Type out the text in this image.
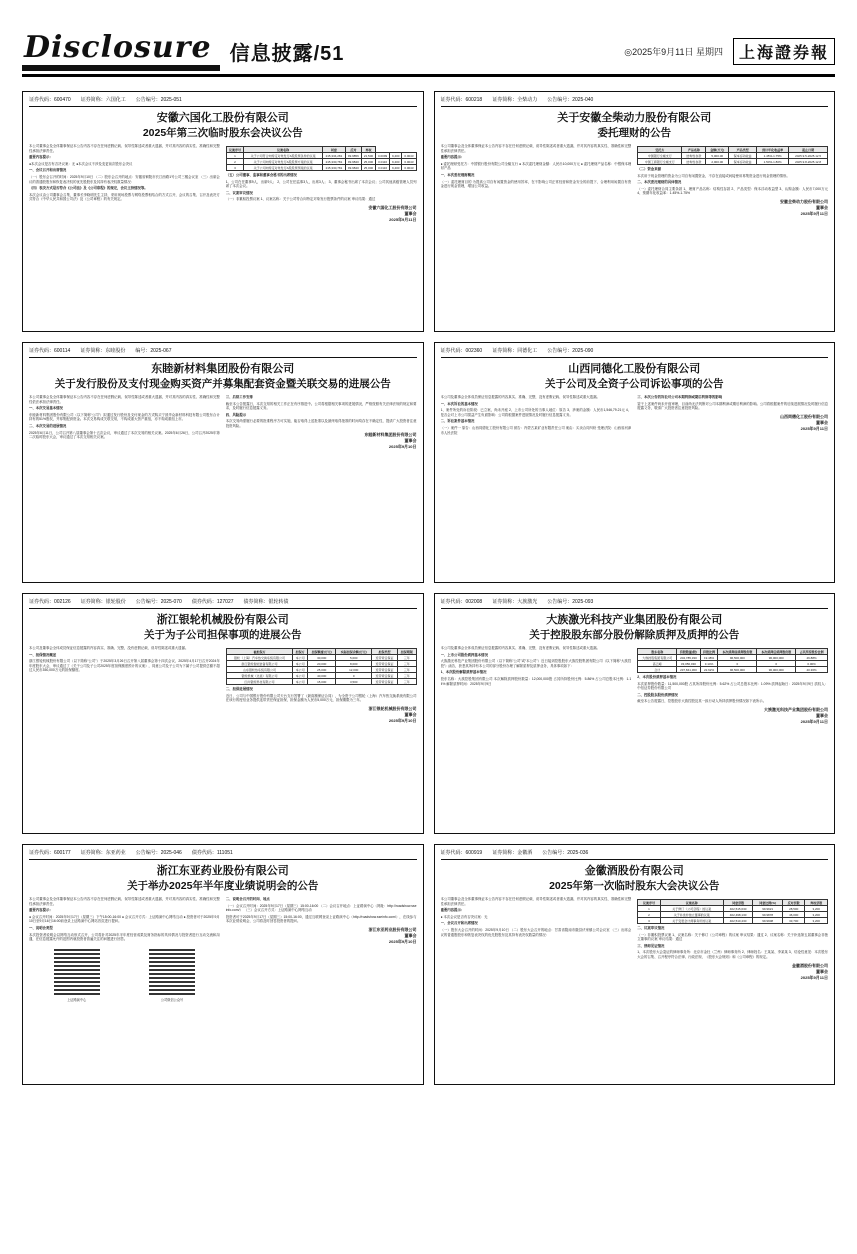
Disclosure 信息披露/51	◎2025年9月11日 星期四	上海證券報
证券代码：600470 证券简称：六国化工 公告编号：2025-051
安徽六国化工股份有限公司
2025年第三次临时股东会决议公告

本公司董事会及全体董事保证本公告内容不存在任何虚假记载、误导性陈述或者重大遗漏，并对其内容的真实性、准确性和完整性承担法律责任。

重要内容提示：

●本次会议是否有否决议案：无 ●本次会议不涉及变更前次股东会决议

一、会议召开和出席情况

（一）股东会召开的时间：2025年9月10日 （二）股东会召开的地点：安徽省铜陵市长江西路1号公司三楼会议室 （三）出席会议的普通股股东和恢复表决权的优先股股东及其持有表决权数量情况：

（四）表决方式是否符合《公司法》及《公司章程》的规定，会议主持情况等。

本次会议由公司董事会召集，董事长李晓明先生主持，采用现场投票与网络投票相结合的方式召开，会议的召集、召开及表决方式符合《中华人民共和国公司法》及《公司章程》的有关规定。

议案序号	议案名称	同意	反对	弃权			
1	关于公司符合向特定对象发行A股股票条件的议案	215,334,281	99.9856	21,500	0.0099	9,400	0.0043
2	关于公司向特定对象发行A股股票方案的议案	215,330,781	99.9840	25,000	0.0116	9,400	0.0043
3	关于公司向特定对象发行A股股票预案的议案	215,330,781	99.9840	25,000	0.0116	9,400	0.0043

（五）公司董事、监事和董事会秘书的出席情况

1、公司在任董事9人，出席9人； 2、公司在任监事3人，出席3人； 3、董事会秘书出席了本次会议；公司其他高级管理人员列席了本次会议。

二、议案审议情况

（一）非累积投票议案 1、议案名称：关于公司符合向特定对象发行股票条件的议案 审议结果：通过

安徽六国化工股份有限公司
董事会
2025年9月11日
证券代码：600218 证券简称：全柴动力 公告编号：2025-040
关于安徽全柴动力股份有限公司
委托理财的公告

本公司董事会及全体董事保证本公告内容不存在任何虚假记载、误导性陈述或者重大遗漏，并对其内容的真实性、准确性和完整性承担法律责任。

重要内容提示：

● 委托理财受托方：中国银行股份有限公司全椒支行 ● 本次委托理财金额：人民币10,000万元 ● 委托理财产品名称：中银保本理财产品

一、本次委托理财概况

（一）委托理财目的 为提高公司自有闲置资金的使用效率，在不影响公司正常经营和资金安全的前提下，合理利用闲置自有资金进行现金管理，增加公司收益。

受托方	产品名称	金额(万元)	产品类型	预计年化收益率	起止日期
中国银行全椒支行	结构性存款	5,000.00	保本浮动收益	1.45%-1.75%	2025.9.5-2025.12.5
中国工商银行全椒支行	结构性存款	2,000.00	保本浮动收益	1.50%-1.80%	2025.9.8-2025.12.8

（二）资金来源

本次用于现金管理的资金为公司自有闲置资金，不存在直接或间接使用募集资金进行现金管理的情形。

二、本次委托理财的具体情况

（一）委托理财合同主要条款 1、理财产品名称：结构性存款 2、产品类型：保本浮动收益型 3、认购金额：人民币7,000万元 4、预期年化收益率：1.45%-1.75%

安徽全柴动力股份有限公司
董事会
2025年9月11日
证券代码：600114 证券简称：东睦股份 编号：2025-067
东睦新材料集团股份有限公司
关于发行股份及支付现金购买资产并募集配套资金暨关联交易的进展公告

本公司董事会及全体董事保证本公告内容不存在任何虚假记载、误导性陈述或者重大遗漏，并对其内容的真实性、准确性和完整性依法承担法律责任。

一、本次交易基本情况

东睦新材料集团股份有限公司（以下简称“公司”）拟通过发行股份及支付现金的方式购买宁波华众新材料科技有限公司股东合计持有的51%股权，并募集配套资金。本次交易构成关联交易，不构成重大资产重组，亦不构成重组上市。

二、本次交易的进展情况

2025年6月11日，公司召开第八届董事会第十五次会议，审议通过了本次交易的相关议案。2025年6月26日，公司召开2025年第二次临时股东大会，审议通过了本次交易相关议案。

三、后续工作安排

截至本公告披露日，本次交易的相关工作正在有序推进中。公司将根据相关事项的进展情况，严格按照有关法律法规的规定和要求，及时履行信息披露义务。

四、风险提示

本次交易尚需履行必要的批准程序方可实施，能否取得上述批准以及最终取得批准的时间均存在不确定性，提请广大投资者注意投资风险。

东睦新材料集团股份有限公司
董事会
2025年9月10日
证券代码：002360 证券简称：同德化工 公告编号：2025-090
山西同德化工股份有限公司
关于公司及全资子公司诉讼事项的公告

本公司及董事会全体成员保证信息披露的内容真实、准确、完整，没有虚假记载、误导性陈述或重大遗漏。

一、本次诉讼的基本情况

1、案件所处的诉讼阶段：已立案，尚未开庭 2、上市公司所处的当事人地位：原告 3、涉案的金额：人民币1,546,79.21元 4、是否会对上市公司损益产生负面影响：公司将根据案件进展情况及时履行信息披露义务。

二、诉讼案件基本情况

（一）案件一 原告：山西同德化工股份有限公司 被告：内蒙古某矿业有限责任公司 案由：买卖合同纠纷 受理法院：山西省河津市人民法院

三、本次公告的诉讼对公司本期利润或期后利润等的影响

鉴于上述案件尚未开庭审理，目前尚无法判断对公司本期利润或期后利润的影响。公司将根据案件的后续进展情况及时履行信息披露义务，敬请广大投资者注意投资风险。

山西同德化工股份有限公司
董事会
2025年9月11日
证券代码：002126 证券简称：银轮股份 公告编号：2025-070 债券代码：127027 债券简称：银轮转债
浙江银轮机械股份有限公司
关于为子公司担保事项的进展公告

本公司及董事会全体成员保证信息披露的内容真实、准确、完整，没有虚假记载、误导性陈述或重大遗漏。

一、担保情况概述

浙江银轮机械股份有限公司（以下简称“公司”）于2025年3月26日召开第八届董事会第十四次会议、2025年4月17日召开2024年年度股东大会，审议通过了《关于公司及子公司2025年度担保额度预计的议案》，同意公司及子公司为下属子公司提供总额不超过人民币350,000万元的担保额度。

被担保方	担保方	担保额度(万元)	实际担保余额(万元)	担保类型	担保期限
银轮（上海）汽车热交换系统有限公司	本公司	30,000	5,000	连带责任保证	三年
浙江银轮智能装备有限公司	本公司	20,000	8,000	连带责任保证	三年
山东银轮热系统有限公司	本公司	25,000	12,000	连带责任保证	三年
银轮机械（北美）有限公司	本公司	40,000	0	连带责任保证	三年
四川银轮科技有限公司	本公司	15,000	3,500	连带责任保证	三年

二、担保进展情况

近日，公司与中国银行股份有限公司天台支行签署了《最高额保证合同》，为全资子公司银轮（上海）汽车热交换系统有限公司在该行的授信业务提供连带责任保证担保，担保金额为人民币5,000万元，担保期限为三年。

浙江银轮机械股份有限公司
董事会
2025年9月10日
证券代码：002008 证券简称：大族激光 公告编号：2025-093
大族激光科技产业集团股份有限公司
关于控股股东部分股份解除质押及质押的公告

本公司及董事会全体成员保证信息披露的内容真实、准确、完整，没有虚假记载、误导性陈述或重大遗漏。

一、上市公司股份质押基本情况

大族激光科技产业集团股份有限公司（以下简称“公司”或“本公司”）近日接到控股股东大族控股集团有限公司（以下简称“大族控股”）函告，获悉其所持有本公司的部分股份办理了解除质押及质押业务，具体事项如下：

1、本次股份解除质押基本情况

股东名称：大族控股集团有限公司 本次解除质押股份数量：12,000,000股 占其所持股份比例：5.86% 占公司总股本比例：1.14% 解除质押时间：2025年9月9日

股东名称	持股数量(股)	持股比例	本次质押前质押股份数	本次质押后质押股份数	占其所持股份比例
大族控股集团有限公司	204,785,330	19.48%	96,500,000	96,000,000	46.88%
高云峰	33,056,030	3.14%	0	0	0.00%
合计	237,841,360	22.62%	96,500,000	96,000,000	40.36%

2、本次股份质押基本情况

本次质押股份数量：11,500,000股 占其所持股份比例：5.62% 占公司总股本比例：1.09% 质押起始日：2025年9月9日 质权人：中信证券股份有限公司

二、控股股东股份质押情况

截至本公告披露日，控股股东大族控股及其一致行动人所持质押股份情况如下表所示。

大族激光科技产业集团股份有限公司
董事会
2025年9月11日
证券代码：600177 证券简称：东亚药业 公告编号：2025-046 债券代码：111051
浙江东亚药业股份有限公司
关于举办2025年半年度业绩说明会的公告

本公司董事会及全体董事保证本公告内容不存在任何虚假记载、误导性陈述或者重大遗漏，并对其内容的真实性、准确性和完整性承担法律责任。

重要内容提示：

● 会议召开时间：2025年9月17日（星期三）下午15:00-16:00 ● 会议召开方式：上证路演中心网络互动 ● 投资者可于2025年9月10日至9月16日16:00前登录上证路演中心网站首页进行提问。

一、说明会类型

本次投资者说明会以网络互动形式召开，公司将针对2025年半年度经营成果及财务指标的具体情况与投资者进行互动交流和沟通，在信息披露允许的范围内就投资者普遍关注的问题进行回答。

上证路演中心	公司微信公众号

二、说明会召开的时间、地点

（一）会议召开时间：2025年9月17日（星期三）15:00-16:00 （二）会议召开地点：上证路演中心（网址：http://roadshow.sseinfo.com/） （三）会议召开方式：上证路演中心网络互动

投资者可于2025年9月17日（星期三）15:00-16:00，通过互联网登录上证路演中心（http://roadshow.sseinfo.com/），在线参与本次业绩说明会，公司将及时回答投资者的提问。

浙江东亚药业股份有限公司
董事会
2025年9月10日
证券代码：600919 证券简称：金徽酒 公告编号：2025-036
金徽酒股份有限公司
2025年第一次临时股东大会决议公告

本公司董事会及全体董事保证本公告内容不存在任何虚假记载、误导性陈述或者重大遗漏，并对其内容的真实性、准确性和完整性承担法律责任。

重要内容提示：

● 本次会议是否有否决议案：无

一、会议召开和出席情况

（一）股东大会召开的时间：2025年9月10日 （二）股东大会召开的地点：甘肃省陇南市徽县伏家镇公司会议室 （三）出席会议的普通股股东和恢复表决权的优先股股东及其持有表决权数量的情况：

议案序号	议案名称	同意票数	同意比例(%)	反对票数	弃权票数
1	关于修订《公司章程》的议案	402,515,630	99.9921	28,500	3,200
2	关于补选非独立董事的议案	402,498,130	99.9878	46,000	3,200
3	关于变更会计师事务所的议案	402,510,430	99.9908	33,700	3,200

二、议案审议情况

（一）非累积投票议案 1、议案名称：关于修订《公司章程》的议案 审议结果：通过 2、议案名称：关于补选第五届董事会非独立董事的议案 审议结果：通过

三、律师见证情况

1、本次股东大会鉴证的律师事务所：北京市金杜（兰州）律师事务所 2、律师姓名：王某某、李某某 3、结论性意见：本次股东大会的召集、召开程序符合法律、行政法规、《股东大会规则》和《公司章程》的规定。

金徽酒股份有限公司
董事会
2025年9月11日
